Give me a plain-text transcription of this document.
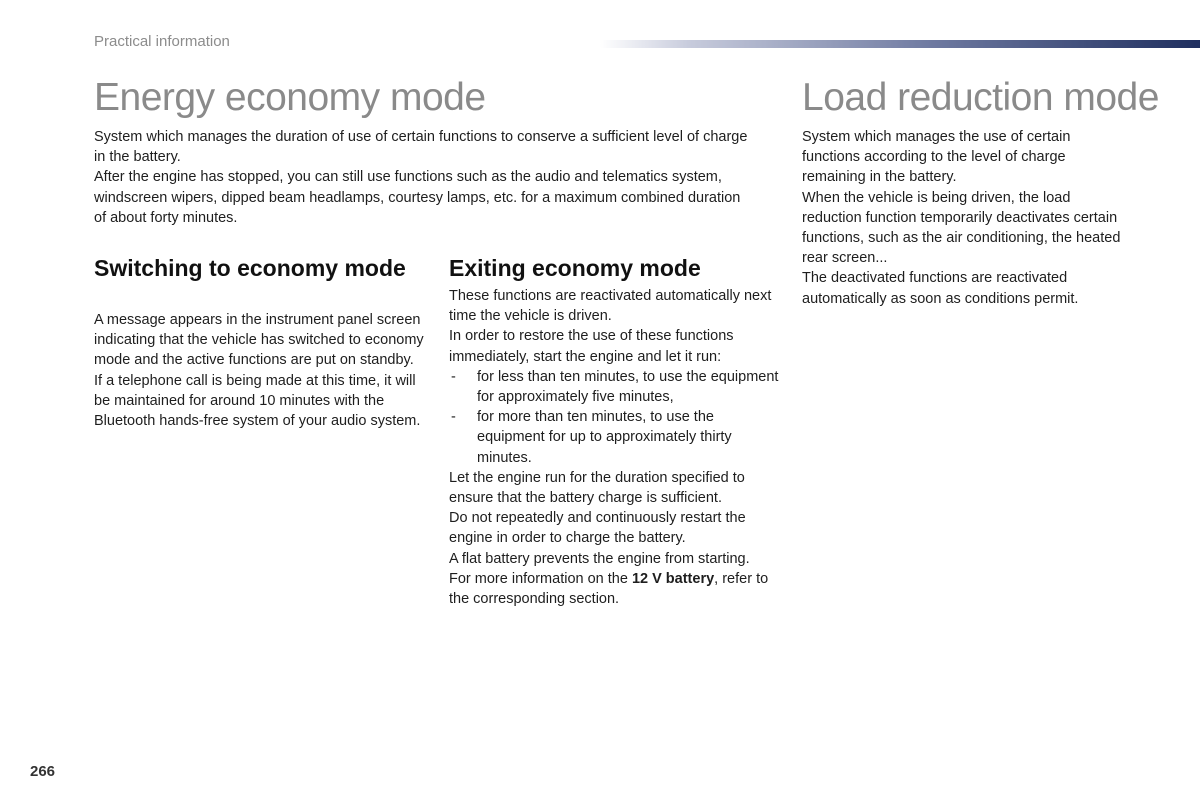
Practical information
Energy economy mode	Load reduction mode

System which manages the duration of use of certain functions to conserve a sufficient level of charge in the battery.

After the engine has stopped, you can still use functions such as the audio and telematics system, windscreen wipers, dipped beam headlamps, courtesy lamps, etc. for a maximum combined duration of about forty minutes.

Switching to economy mode

A message appears in the instrument panel screen indicating that the vehicle has switched to economy mode and the active functions are put on standby.

If a telephone call is being made at this time, it will be maintained for around 10 minutes with the Bluetooth hands-free system of your audio system.

Exiting economy mode

These functions are reactivated automatically next time the vehicle is driven.

In order to restore the use of these functions immediately, start the engine and let it run:

-	for less than ten minutes, to use the equipment for approximately five minutes,
-	for more than ten minutes, to use the equipment for up to approximately thirty minutes.

Let the engine run for the duration specified to ensure that the battery charge is sufficient.

Do not repeatedly and continuously restart the engine in order to charge the battery.

A flat battery prevents the engine from starting.

For more information on the 12 V battery, refer to the corresponding section.

System which manages the use of certain functions according to the level of charge remaining in the battery.

When the vehicle is being driven, the load reduction function temporarily deactivates certain functions, such as the air conditioning, the heated rear screen...

The deactivated functions are reactivated automatically as soon as conditions permit.

266
